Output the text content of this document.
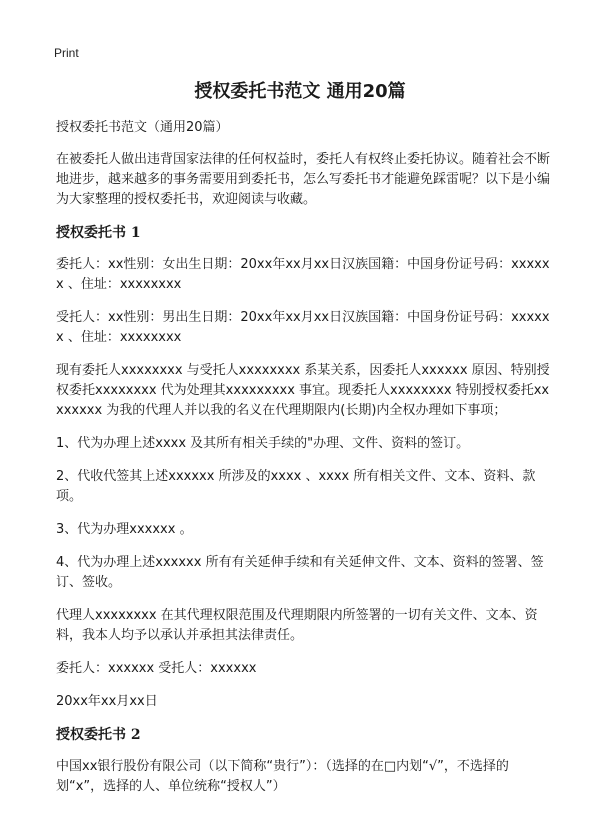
Print
授权委托书范文 通用20篇

授权委托书范文（通用20篇）

在被委托人做出违背国家法律的任何权益时，委托人有权终止委托协议。随着社会不断地进步，越来越多的事务需要用到委托书，怎么写委托书才能避免踩雷呢？以下是小编为大家整理的授权委托书，欢迎阅读与收藏。

授权委托书 1

委托人：xx性别：女出生日期：20xx年xx月xx日汉族国籍：中国身份证号码：xxxxxx 、住址：xxxxxxxx

受托人：xx性别：男出生日期：20xx年xx月xx日汉族国籍：中国身份证号码：xxxxxx 、住址：xxxxxxxx

现有委托人xxxxxxxx 与受托人xxxxxxxx 系某关系，因委托人xxxxxx 原因、特别授权委托xxxxxxxx 代为处理其xxxxxxxxx 事宜。现委托人xxxxxxxx 特别授权委托xxxxxxxx 为我的代理人并以我的名义在代理期限内(长期)内全权办理如下事项；

1、代为办理上述xxxx 及其所有相关手续的"办理、文件、资料的签订。

2、代收代签其上述xxxxxx 所涉及的xxxx 、xxxx 所有相关文件、文本、资料、款项。

3、代为办理xxxxxx 。

4、代为办理上述xxxxxx 所有有关延伸手续和有关延伸文件、文本、资料的签署、签订、签收。

代理人xxxxxxxx 在其代理权限范围及代理期限内所签署的一切有关文件、文本、资料，我本人均予以承认并承担其法律责任。

委托人：xxxxxx 受托人：xxxxxx

20xx年xx月xx日

授权委托书 2

中国xx银行股份有限公司（以下简称“贵行”）：（选择的在□内划“√”，不选择的划“x”，选择的人、单位统称“授权人”）
